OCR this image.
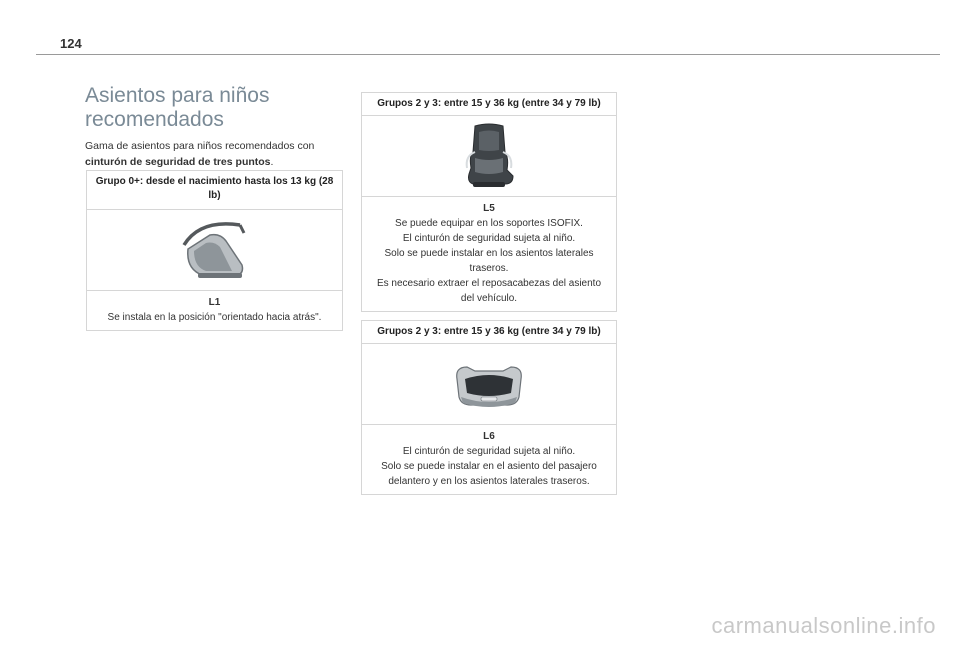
124
Asientos para niños recomendados

Gama de asientos para niños recomendados con cinturón de seguridad de tres puntos.

Grupo 0+: desde el nacimiento hasta los 13 kg (28 lb)
L1
Se instala en la posición "orientado hacia atrás".
Grupos 2 y 3: entre 15 y 36 kg (entre 34 y 79 lb)
L5
Se puede equipar en los soportes ISOFIX.
El cinturón de seguridad sujeta al niño.
Solo se puede instalar en los asientos laterales traseros.
Es necesario extraer el reposacabezas del asiento del vehículo.
Grupos 2 y 3: entre 15 y 36 kg (entre 34 y 79 lb)
L6
El cinturón de seguridad sujeta al niño.
Solo se puede instalar en el asiento del pasajero delantero y en los asientos laterales traseros.
carmanualsonline.info
